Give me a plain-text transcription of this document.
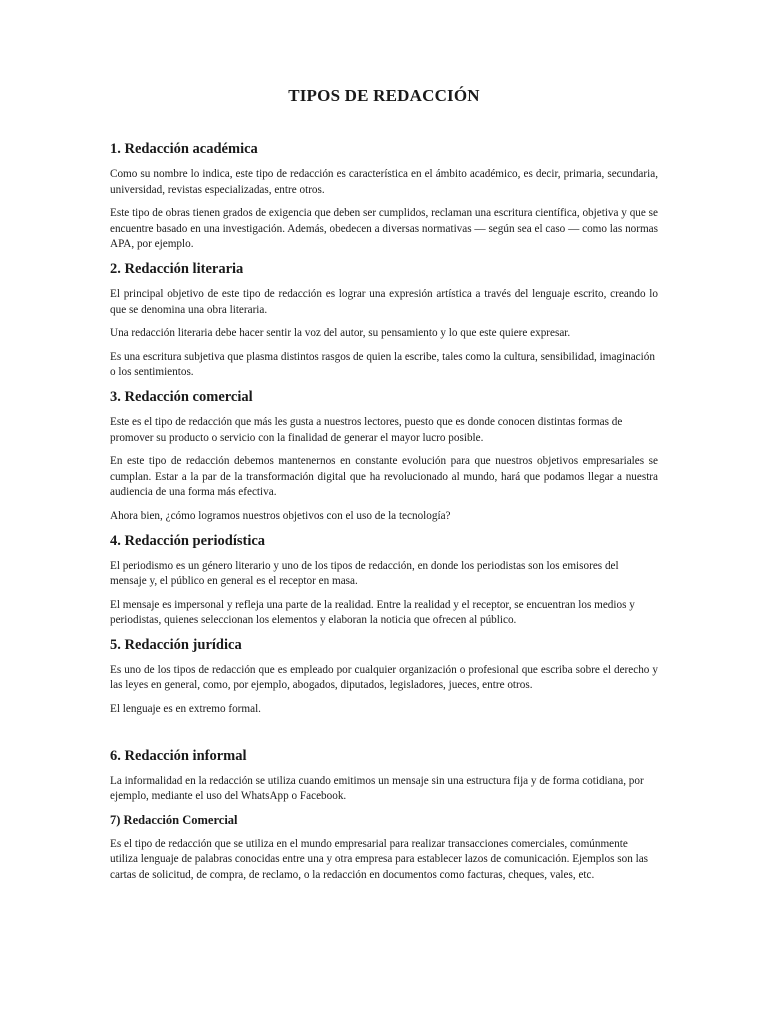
TIPOS DE REDACCIÓN
1. Redacción académica

Como su nombre lo indica, este tipo de redacción es característica en el ámbito académico, es decir, primaria, secundaria, universidad, revistas especializadas, entre otros.

Este tipo de obras tienen grados de exigencia que deben ser cumplidos, reclaman una escritura científica, objetiva y que se encuentre basado en una investigación. Además, obedecen a diversas normativas — según sea el caso — como las normas APA, por ejemplo.

2. Redacción literaria

El principal objetivo de este tipo de redacción es lograr una expresión artística a través del lenguaje escrito, creando lo que se denomina una obra literaria.

Una redacción literaria debe hacer sentir la voz del autor, su pensamiento y lo que este quiere expresar.

Es una escritura subjetiva que plasma distintos rasgos de quien la escribe, tales como la cultura, sensibilidad, imaginación o los sentimientos.

3. Redacción comercial

Este es el tipo de redacción que más les gusta a nuestros lectores, puesto que es donde conocen distintas formas de promover su producto o servicio con la finalidad de generar el mayor lucro posible.

En este tipo de redacción debemos mantenernos en constante evolución para que nuestros objetivos empresariales se cumplan. Estar a la par de la transformación digital que ha revolucionado al mundo, hará que podamos llegar a nuestra audiencia de una forma más efectiva.

Ahora bien, ¿cómo logramos nuestros objetivos con el uso de la tecnología?

4. Redacción periodística

El periodismo es un género literario y uno de los tipos de redacción, en donde los periodistas son los emisores del mensaje y, el público en general es el receptor en masa.

El mensaje es impersonal y refleja una parte de la realidad. Entre la realidad y el receptor, se encuentran los medios y periodistas, quienes seleccionan los elementos y elaboran la noticia que ofrecen al público.

5. Redacción jurídica

Es uno de los tipos de redacción que es empleado por cualquier organización o profesional que escriba sobre el derecho y las leyes en general, como, por ejemplo, abogados, diputados, legisladores, jueces, entre otros.

El lenguaje es en extremo formal.

6. Redacción informal

La informalidad en la redacción se utiliza cuando emitimos un mensaje sin una estructura fija y de forma cotidiana, por ejemplo, mediante el uso del WhatsApp o Facebook.

7) Redacción Comercial

Es el tipo de redacción que se utiliza en el mundo empresarial para realizar transacciones comerciales, comúnmente utiliza lenguaje de palabras conocidas entre una y otra empresa para establecer lazos de comunicación. Ejemplos son las cartas de solicitud, de compra, de reclamo, o la redacción en documentos como facturas, cheques, vales, etc.
